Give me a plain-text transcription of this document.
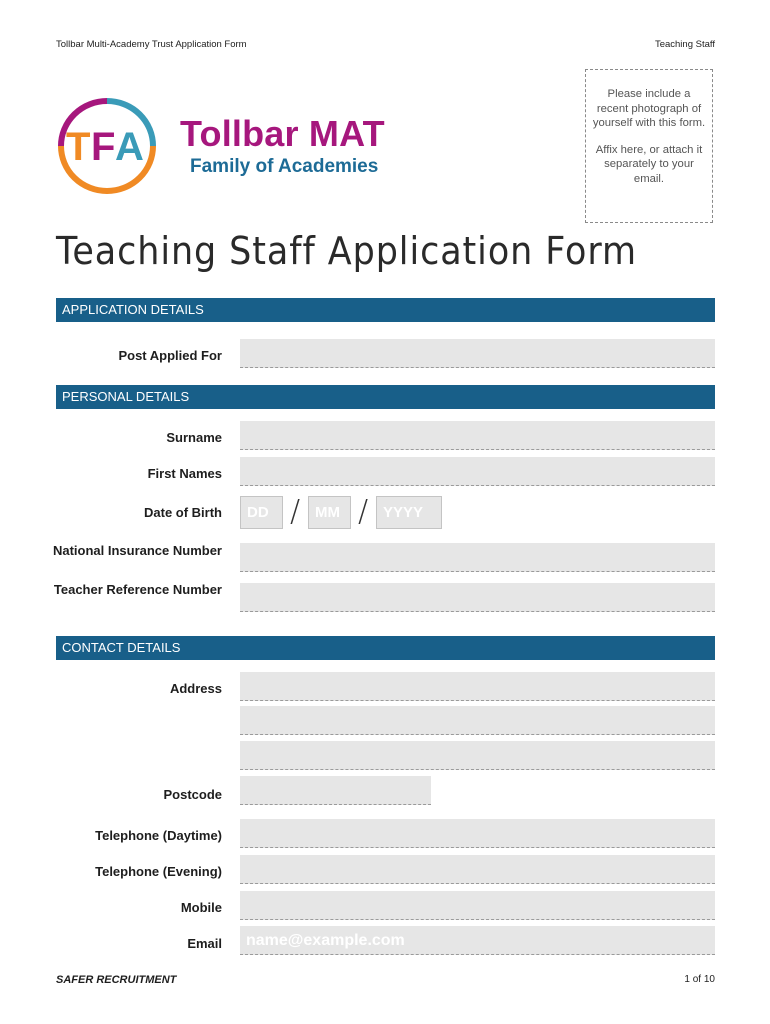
Tollbar Multi-Academy Trust Application Form	Teaching Staff
T F A Tollbar MAT
Family of Academies

Please include a recent photograph of yourself with this form.

Affix here, or attach it separately to your email.

Teaching Staff Application Form
APPLICATION DETAILS
Post Applied For
PERSONAL DETAILS
Surname
First Names
Date of Birth	DD / MM / YYYY
National Insurance Number
Teacher Reference Number
CONTACT DETAILS
Address
Postcode
Telephone (Daytime)
Telephone (Evening)
Mobile
Email	name@example.com
SAFER RECRUITMENT	1 of 10
